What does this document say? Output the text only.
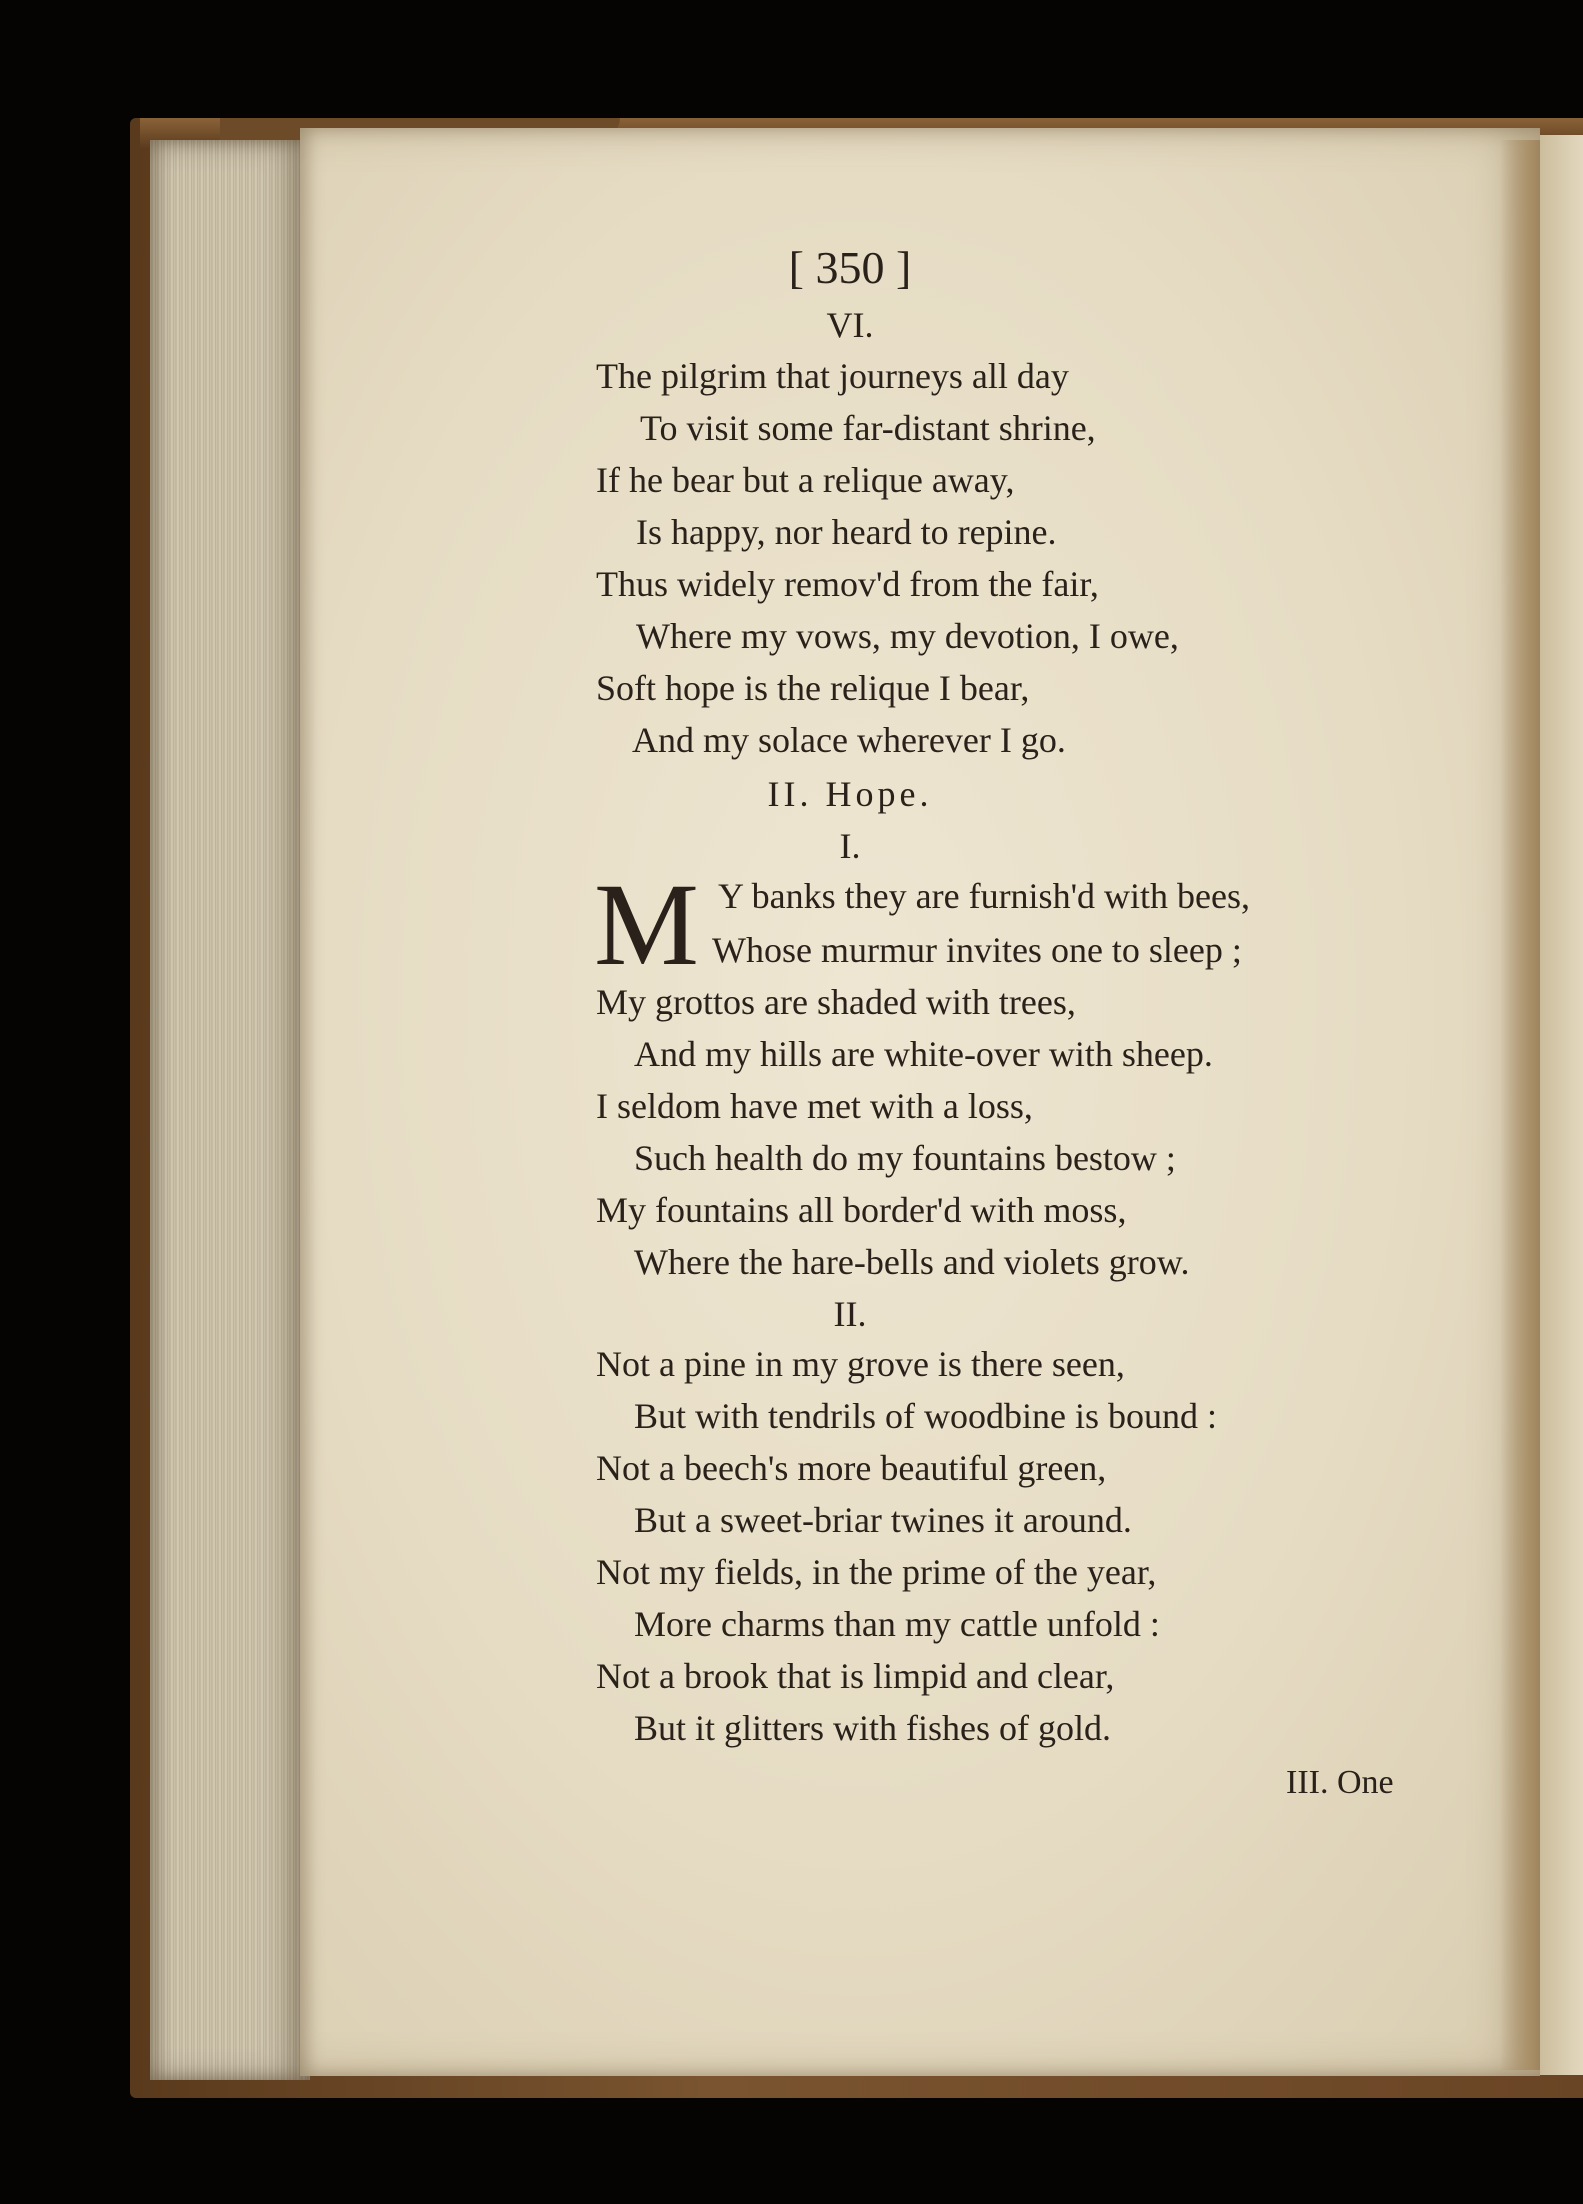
[ 350 ]
VI.
The pilgrim that journeys all day
To visit some far-distant shrine,
If he bear but a relique away,
Is happy, nor heard to repine.
Thus widely remov'd from the fair,
Where my vows, my devotion, I owe,
Soft hope is the relique I bear,
And my solace wherever I go.
II. Hope.
I.
M Y banks they are furnish'd with bees,
Whose murmur invites one to sleep ;
My grottos are shaded with trees,
And my hills are white-over with sheep.
I seldom have met with a loss,
Such health do my fountains bestow ;
My fountains all border'd with moss,
Where the hare-bells and violets grow.
II.
Not a pine in my grove is there seen,
But with tendrils of woodbine is bound :
Not a beech's more beautiful green,
But a sweet-briar twines it around.
Not my fields, in the prime of the year,
More charms than my cattle unfold :
Not a brook that is limpid and clear,
But it glitters with fishes of gold.
III. One
